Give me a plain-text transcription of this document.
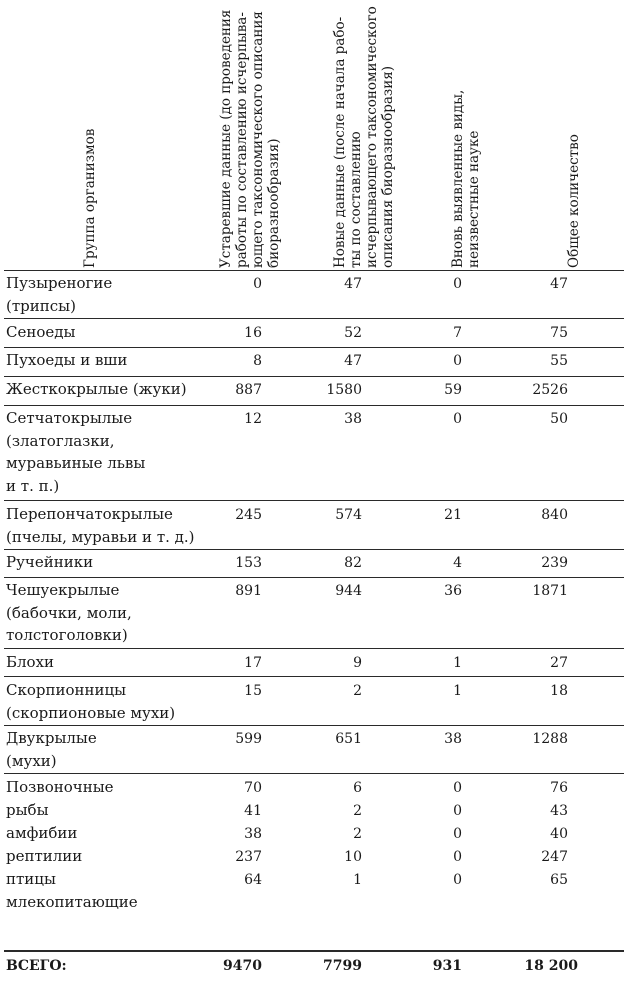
Группа организмов	Устаревшие данные (до проведения работы по составлению исчерпывающего таксономического описания биоразнообразия)	Новые данные (после начала работы по составлению исчерпывающего таксономического описания биоразнообразия)	Вновь выявленные виды, неизвестные науке	Общее количество
Пузыреногие
(трипсы)
0	47	0	47
Сеноеды	16	52	7	75
Пухоеды и вши	8	47	0	55
Жесткокрылые (жуки)	887	1580	59	2526
Сетчатокрылые
(златоглазки,
муравьиные львы
и т. п.)
12	38	0	50
Перепончатокрылые
(пчелы, муравьи и т. д.)
245	574	21	840
Ручейники	153	82	4	239
Чешуекрылые
(бабочки, моли,
толстоголовки)
891	944	36	1871
Блохи	17	9	1	27
Скорпионницы
(скорпионовые мухи)
15	2	1	18
Двукрылые
(мухи)
599	651	38	1288
Позвоночные	70	6	0	76
рыбы	41	2	0	43
амфибии	38	2	0	40
рептилии	237	10	0	247
птицы	64	1	0	65
млекопитающие
ВСЕГО:	9470	7799	931	18 200
